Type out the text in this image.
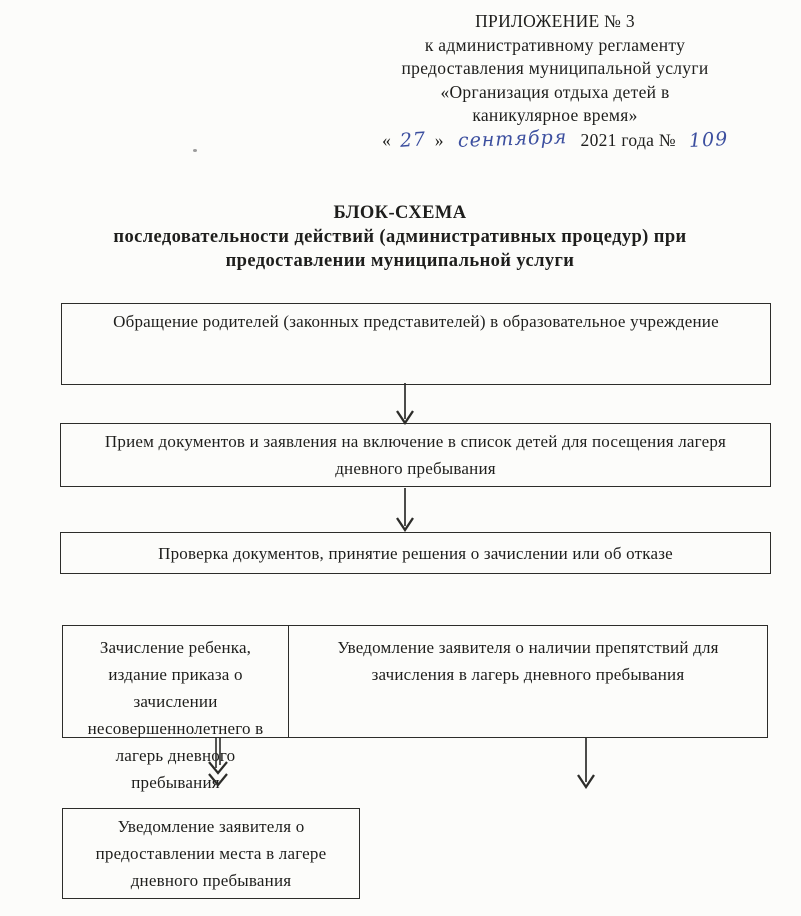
ПРИЛОЖЕНИЕ № 3
к административному регламенту
предоставления муниципальной услуги
«Организация отдыха детей в
каникулярное время»
« 27 » сентября 2021 года № 109
БЛОК-СХЕМА
последовательности действий (административных процедур) при
предоставлении муниципальной услуги
Обращение родителей (законных представителей) в образовательное учреждение
Прием документов и заявления на включение в список детей для посещения лагеря дневного пребывания
Проверка документов, принятие решения о зачислении или об отказе
Зачисление ребенка, издание приказа о зачислении несовершеннолетнего в лагерь дневного пребывания
Уведомление заявителя о наличии препятствий для зачисления в лагерь дневного пребывания
Уведомление заявителя о предоставлении места в лагере дневного пребывания
